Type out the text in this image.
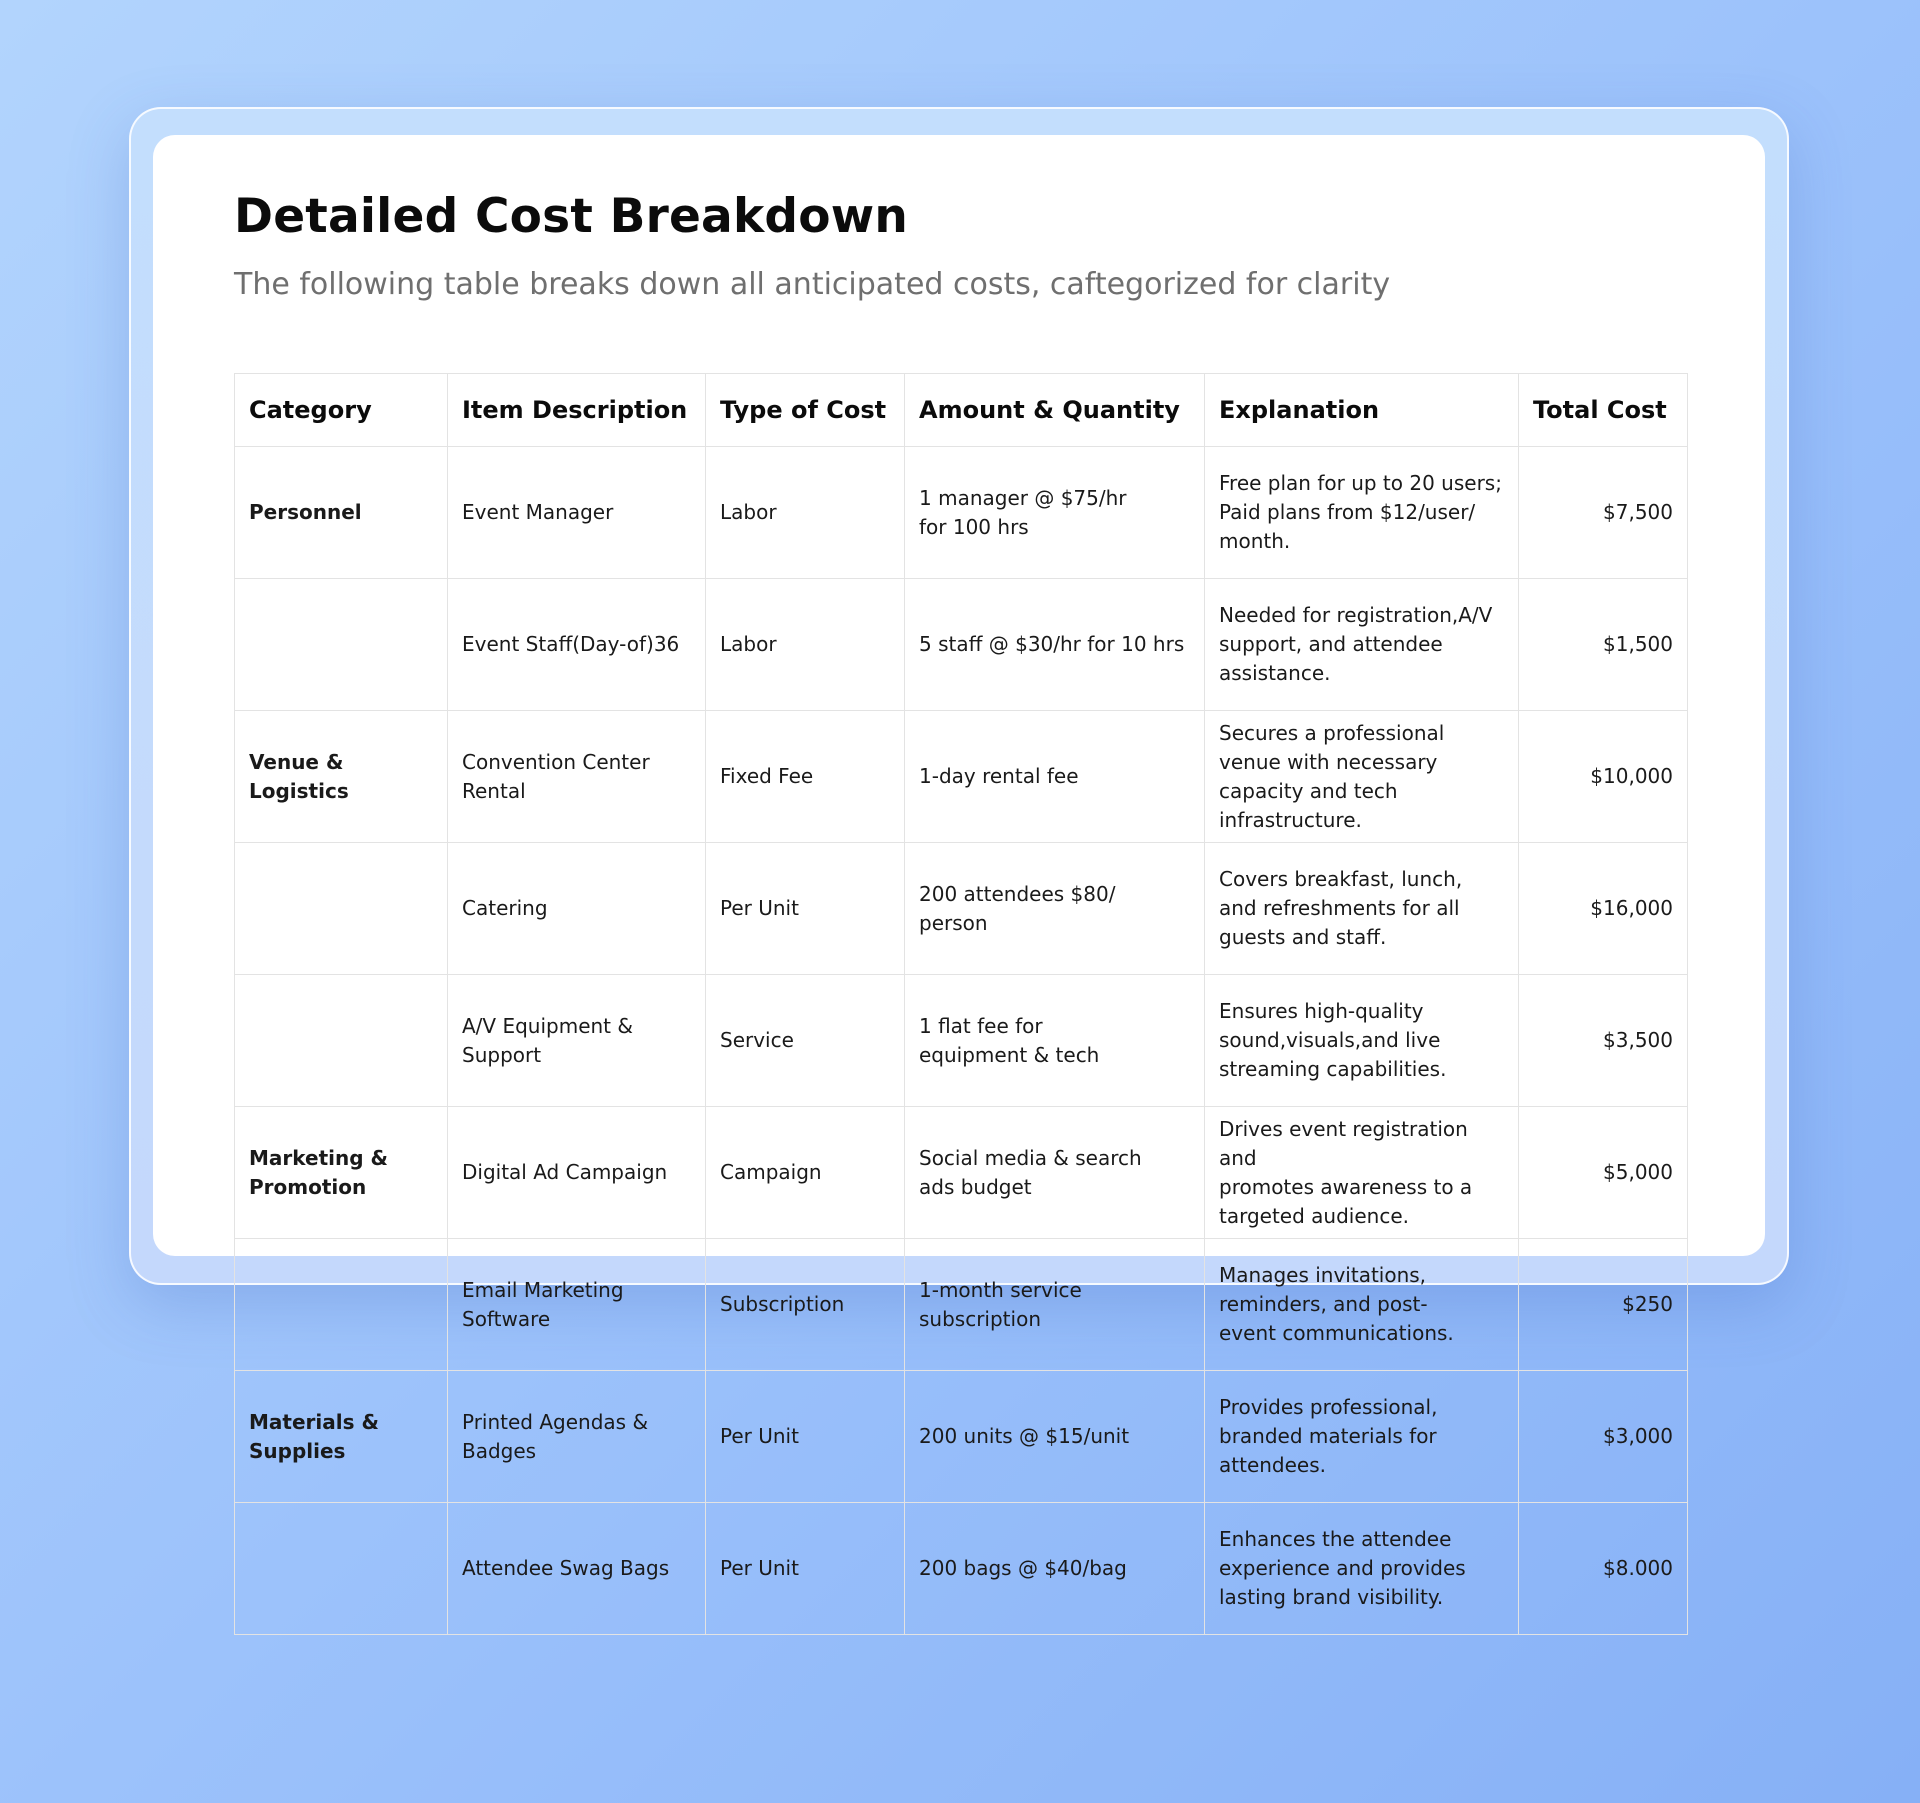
Detailed Cost Breakdown
The following table breaks down all anticipated costs, caftegorized for clarity
Category	Item Description	Type of Cost	Amount & Quantity	Explanation	Total Cost
Personnel	Event Manager	Labor	1 manager @ $75/hr
for 100 hrs	Free plan for up to 20 users;
Paid plans from $12/user/
month.	$7,500
	Event Staff(Day-of)36	Labor	5 staff @ $30/hr for 10 hrs	Needed for registration,A/V
support, and attendee
assistance.	$1,500
Venue &
Logistics	Convention Center
Rental	Fixed Fee	1-day rental fee	Secures a professional
venue with necessary
capacity and tech
infrastructure.	$10,000
	Catering	Per Unit	200 attendees $80/ person	Covers breakfast, lunch,
and refreshments for all
guests and staff.	$16,000
	A/V Equipment &
Support	Service	1 flat fee for
equipment & tech	Ensures high-quality
sound,visuals,and live
streaming capabilities.	$3,500
Marketing &
Promotion	Digital Ad Campaign	Campaign	Social media & search
ads budget	Drives event registration
and
promotes awareness to a
targeted audience.	$5,000
	Email Marketing
Software	Subscription	1-month service
subscription	Manages invitations,
reminders, and post-
event communications.	$250
Materials &
Supplies	Printed Agendas &
Badges	Per Unit	200 units @ $15/unit	Provides professional,
branded materials for
attendees.	$3,000
	Attendee Swag Bags	Per Unit	200 bags @ $40/bag	Enhances the attendee
experience and provides
lasting brand visibility.	$8.000
